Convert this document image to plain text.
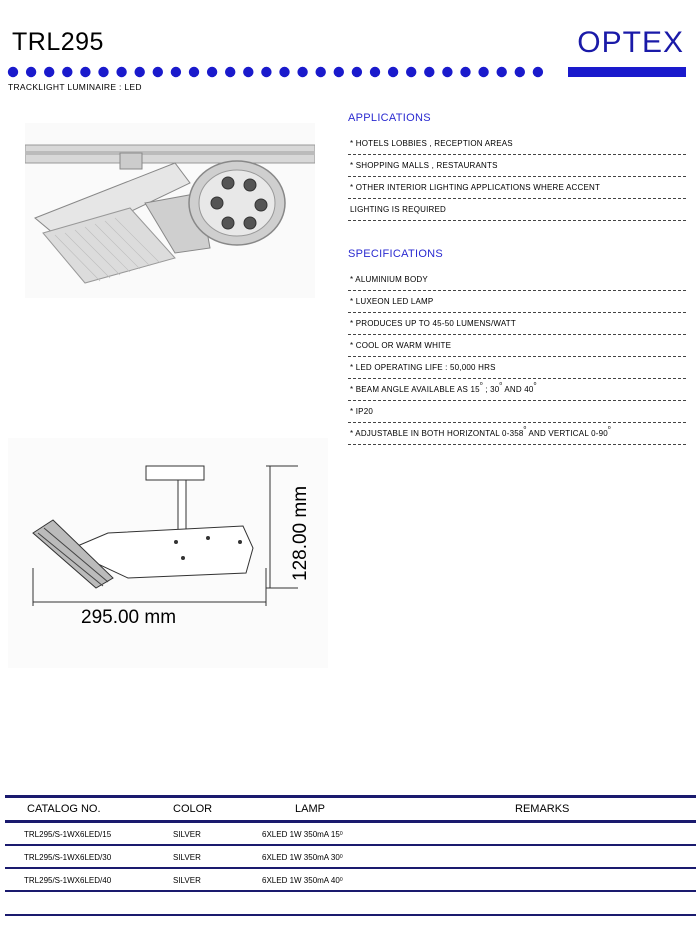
TRL295	OPTEX
TRACKLIGHT LUMINAIRE : LED
128.00 mm
295.00 mm
APPLICATIONS
* HOTELS LOBBIES , RECEPTION AREAS
* SHOPPING MALLS , RESTAURANTS
* OTHER INTERIOR LIGHTING APPLICATIONS WHERE ACCENT
LIGHTING IS REQUIRED
SPECIFICATIONS
* ALUMINIUM BODY
* LUXEON LED LAMP
* PRODUCES UP TO 45-50 LUMENS/WATT
* COOL OR WARM WHITE
* LED OPERATING LIFE : 50,000 HRS
* BEAM ANGLE AVAILABLE AS 15$^o$ ; 30$^o$ AND 40$^o$
* IP20
* ADJUSTABLE IN BOTH HORIZONTAL 0-358$^o$ AND VERTICAL 0-90$^o$
CATALOG NO.	COLOR	LAMP	REMARKS
TRL295/S-1WX6LED/15	SILVER	6XLED 1W 350mA $15^0$
TRL295/S-1WX6LED/30	SILVER	6XLED 1W 350mA $30^0$
TRL295/S-1WX6LED/40	SILVER	6XLED 1W 350mA $40^0$
